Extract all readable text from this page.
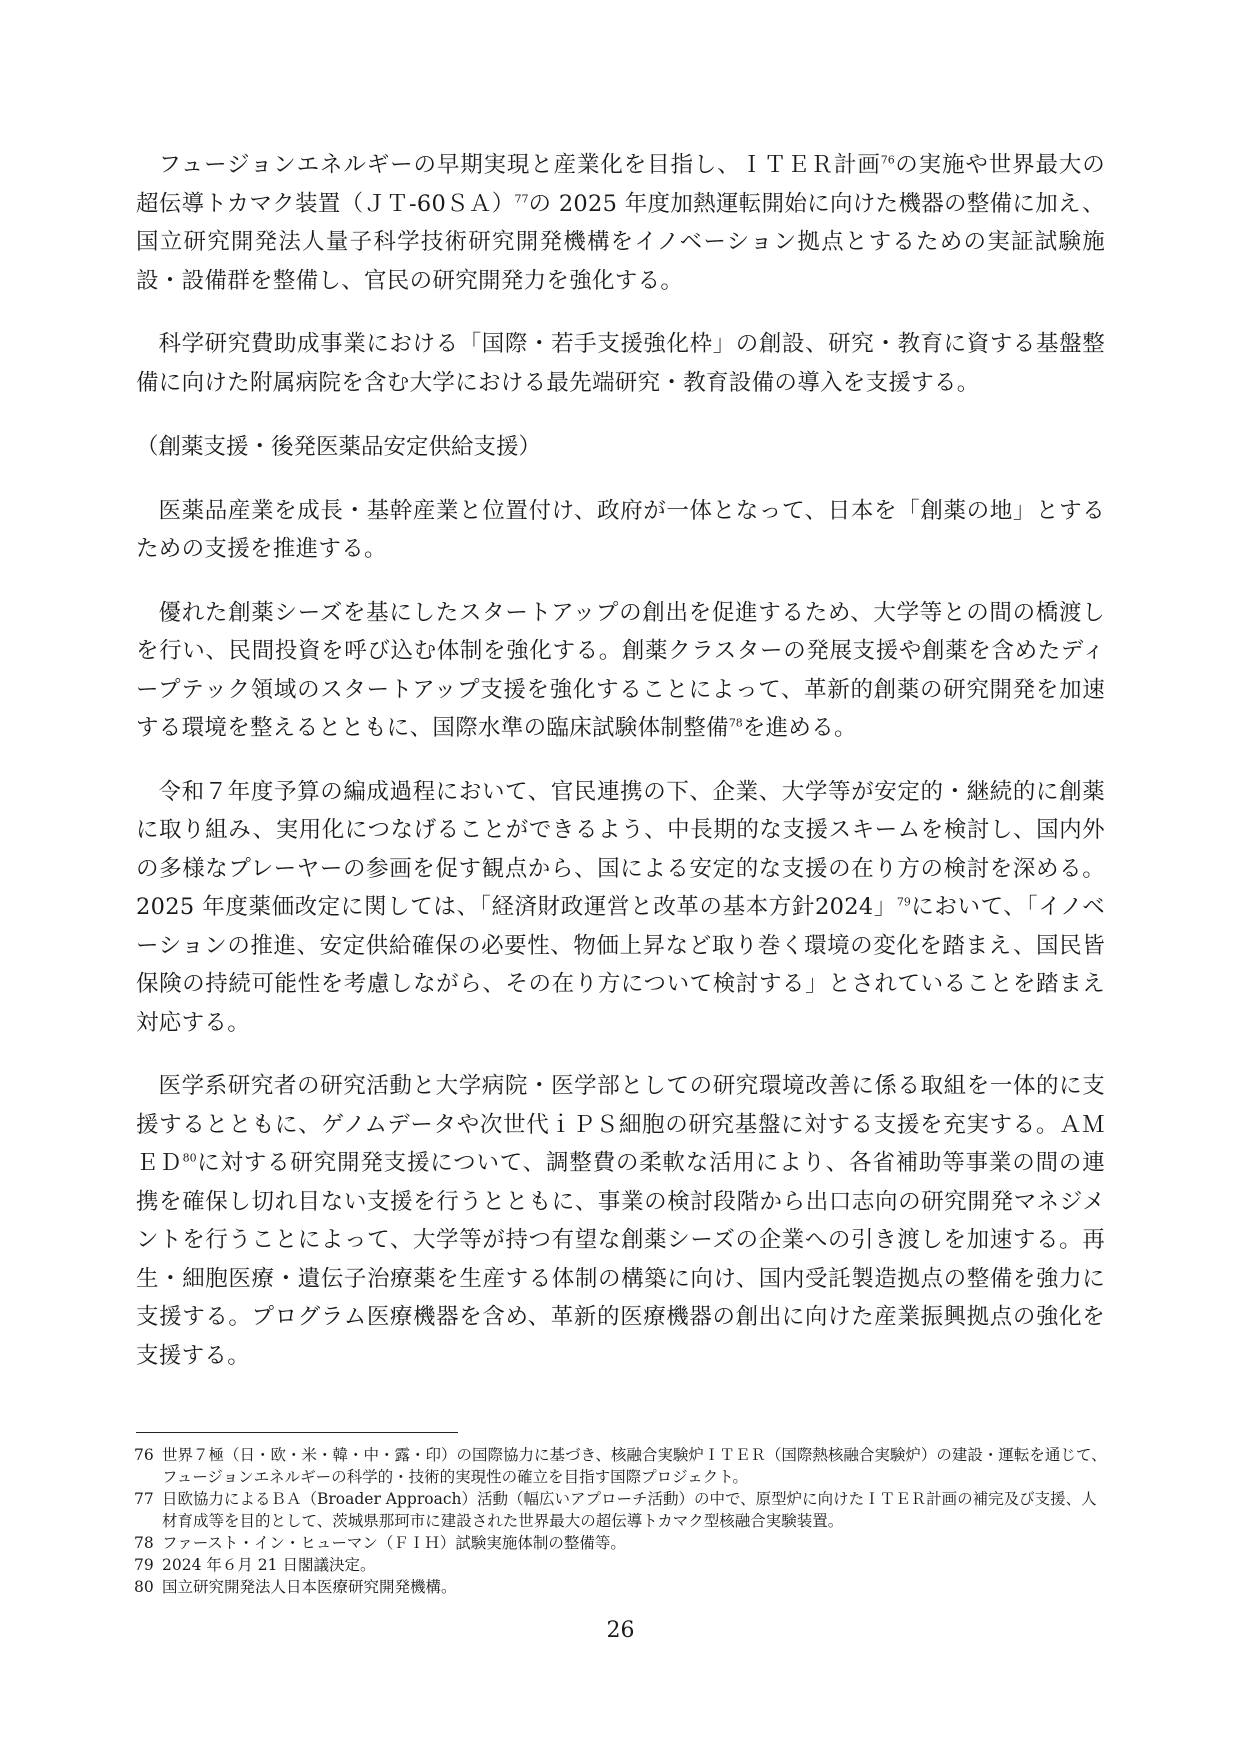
フュージョンエネルギーの早期実現と産業化を目指し、ＩＴＥＲ計画$^{76}$の実施や世界最大の超伝導トカマク装置（ＪＴ-60ＳＡ）$^{77}$の 2025 年度加熱運転開始に向けた機器の整備に加え、国立研究開発法人量子科学技術研究開発機構をイノベーション拠点とするための実証試験施設・設備群を整備し、官民の研究開発力を強化する。

科学研究費助成事業における「国際・若手支援強化枠」の創設、研究・教育に資する基盤整備に向けた附属病院を含む大学における最先端研究・教育設備の導入を支援する。

（創薬支援・後発医薬品安定供給支援）

医薬品産業を成長・基幹産業と位置付け、政府が一体となって、日本を「創薬の地」とするための支援を推進する。

優れた創薬シーズを基にしたスタートアップの創出を促進するため、大学等との間の橋渡しを行い、民間投資を呼び込む体制を強化する。創薬クラスターの発展支援や創薬を含めたディープテック領域のスタートアップ支援を強化することによって、革新的創薬の研究開発を加速する環境を整えるとともに、国際水準の臨床試験体制整備$^{78}$を進める。

令和７年度予算の編成過程において、官民連携の下、企業、大学等が安定的・継続的に創薬に取り組み、実用化につなげることができるよう、中長期的な支援スキームを検討し、国内外の多様なプレーヤーの参画を促す観点から、国による安定的な支援の在り方の検討を深める。2025 年度薬価改定に関しては、「経済財政運営と改革の基本方針2024」$^{79}$において、「イノベーションの推進、安定供給確保の必要性、物価上昇など取り巻く環境の変化を踏まえ、国民皆保険の持続可能性を考慮しながら、その在り方について検討する」とされていることを踏まえ対応する。

医学系研究者の研究活動と大学病院・医学部としての研究環境改善に係る取組を一体的に支援するとともに、ゲノムデータや次世代ｉＰＳ細胞の研究基盤に対する支援を充実する。ＡＭＥＤ$^{80}$に対する研究開発支援について、調整費の柔軟な活用により、各省補助等事業の間の連携を確保し切れ目ない支援を行うとともに、事業の検討段階から出口志向の研究開発マネジメントを行うことによって、大学等が持つ有望な創薬シーズの企業への引き渡しを加速する。再生・細胞医療・遺伝子治療薬を生産する体制の構築に向け、国内受託製造拠点の整備を強力に支援する。プログラム医療機器を含め、革新的医療機器の創出に向けた産業振興拠点の強化を支援する。

76 世界７極（日・欧・米・韓・中・露・印）の国際協力に基づき、核融合実験炉ＩＴＥＲ（国際熱核融合実験炉）の建設・運転を通じて、フュージョンエネルギーの科学的・技術的実現性の確立を目指す国際プロジェクト。
77 日欧協力によるＢＡ（Broader Approach）活動（幅広いアプローチ活動）の中で、原型炉に向けたＩＴＥＲ計画の補完及び支援、人材育成等を目的として、茨城県那珂市に建設された世界最大の超伝導トカマク型核融合実験装置。
78 ファースト・イン・ヒューマン（ＦＩＨ）試験実施体制の整備等。
79 2024 年６月 21 日閣議決定。
80 国立研究開発法人日本医療研究開発機構。
26
